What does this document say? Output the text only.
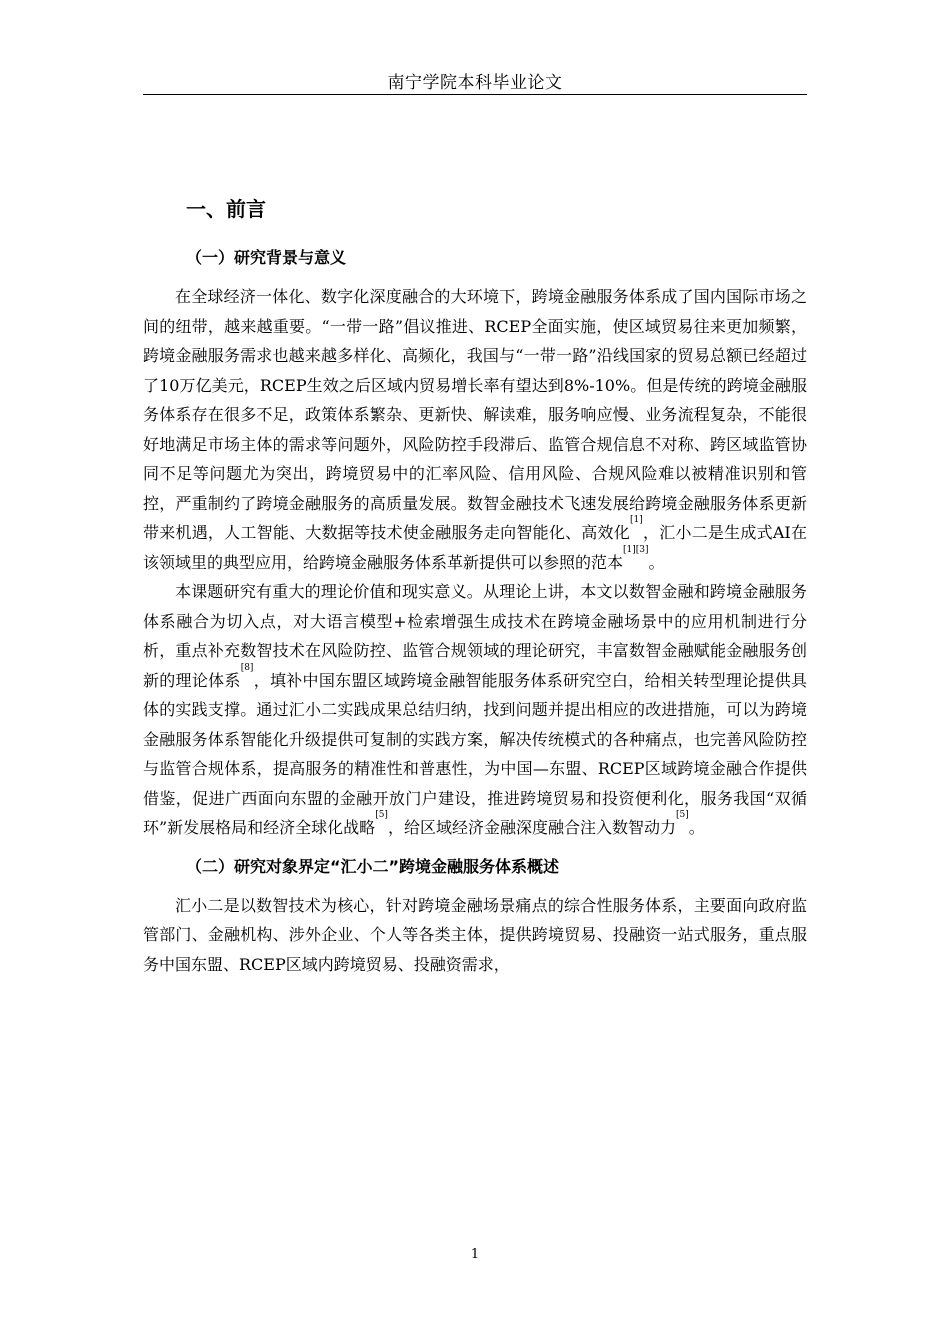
南宁学院本科毕业论文
一、前言
（一）研究背景与意义

在全球经济一体化、数字化深度融合的大环境下，跨境金融服务体系成了国内国际市场之间的纽带，越来越重要。“一带一路”倡议推进、RCEP全面实施，使区域贸易往来更加频繁，跨境金融服务需求也越来越多样化、高频化，我国与“一带一路”沿线国家的贸易总额已经超过了10万亿美元，RCEP生效之后区域内贸易增长率有望达到8%-10%。但是传统的跨境金融服务体系存在很多不足，政策体系繁杂、更新快、解读难，服务响应慢、业务流程复杂，不能很好地满足市场主体的需求等问题外，风险防控手段滞后、监管合规信息不对称、跨区域监管协同不足等问题尤为突出，跨境贸易中的汇率风险、信用风险、合规风险难以被精准识别和管控，严重制约了跨境金融服务的高质量发展。数智金融技术飞速发展给跨境金融服务体系更新带来机遇，人工智能、大数据等技术使金融服务走向智能化、高效化[1]，汇小二是生成式AI在该领域里的典型应用，给跨境金融服务体系革新提供可以参照的范本[1][3]。

本课题研究有重大的理论价值和现实意义。从理论上讲，本文以数智金融和跨境金融服务体系融合为切入点，对大语言模型+检索增强生成技术在跨境金融场景中的应用机制进行分析，重点补充数智技术在风险防控、监管合规领域的理论研究，丰富数智金融赋能金融服务创新的理论体系[8]，填补中国东盟区域跨境金融智能服务体系研究空白，给相关转型理论提供具体的实践支撑。通过汇小二实践成果总结归纳，找到问题并提出相应的改进措施，可以为跨境金融服务体系智能化升级提供可复制的实践方案，解决传统模式的各种痛点，也完善风险防控与监管合规体系，提高服务的精准性和普惠性，为中国—东盟、RCEP区域跨境金融合作提供借鉴，促进广西面向东盟的金融开放门户建设，推进跨境贸易和投资便利化，服务我国“双循环”新发展格局和经济全球化战略[5]，给区域经济金融深度融合注入数智动力[5]。

（二）研究对象界定“汇小二”跨境金融服务体系概述

汇小二是以数智技术为核心，针对跨境金融场景痛点的综合性服务体系，主要面向政府监管部门、金融机构、涉外企业、个人等各类主体，提供跨境贸易、投融资一站式服务，重点服务中国东盟、RCEP区域内跨境贸易、投融资需求，

1
